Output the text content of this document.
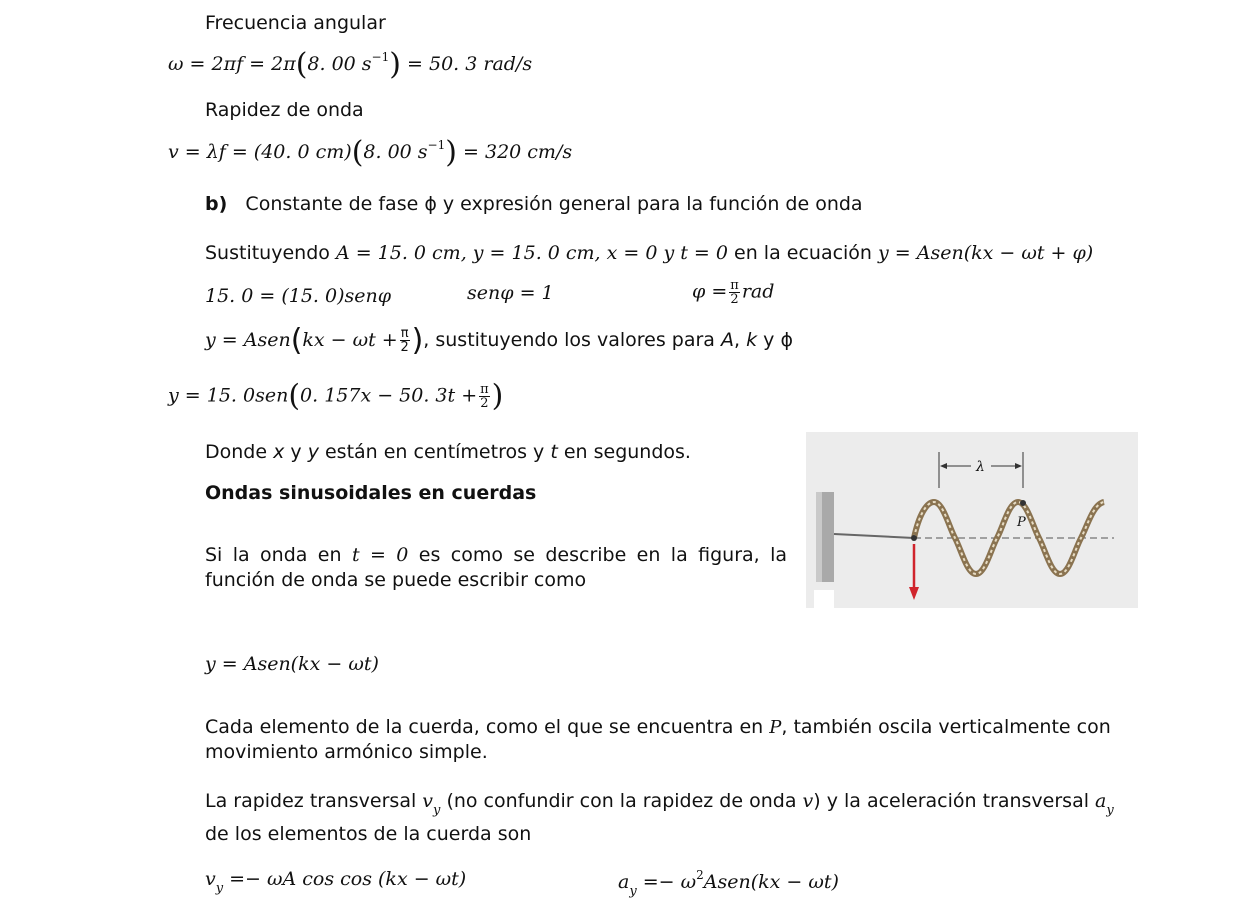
Frecuencia angular
ω = 2πf = 2π(8. 00 $s^{-1}) = 50$. 3 rad/s
Rapidez de onda
v = λf = (40. 0 cm)(8. 00 $s^{-1}) = 320$ cm/s
b) Constante de fase ϕ y expresión general para la función de onda
Sustituyendo A = 15. 0 cm, y = 15. 0 cm, x = 0 y t = 0 en la ecuación y = Asen(kx − ωt + φ)
15. 0 = (15. 0)senφ	senφ = 1	$\varphi = \frac{\pi}{2}$ rad
y = Asen(kx − $\omega t + \frac{\pi}{2}$ ), sustituyendo los valores para A, k y ϕ
y = 15. 0sen(0. 157x − 50. $3t + \frac{\pi}{2}$ )
Donde x y y están en centímetros y t en segundos.
Ondas sinusoidales en cuerdas
Si la onda en t = 0 es como se describe en la figura, la función de onda se puede escribir como
P
λ
y = Asen(kx − ωt)
Cada elemento de la cuerda, como el que se encuentra en P, también oscila verticalmente con movimiento armónico simple.
La rapidez transversal $v_y$ (no confundir con la rapidez de onda v) y la aceleración transversal $a_y$
de los elementos de la cuerda son
$v_y =- \omega A$ cos cos (kx − ωt)	$a_y$ =− $\omega^2Asen(kx - \omega t)$
